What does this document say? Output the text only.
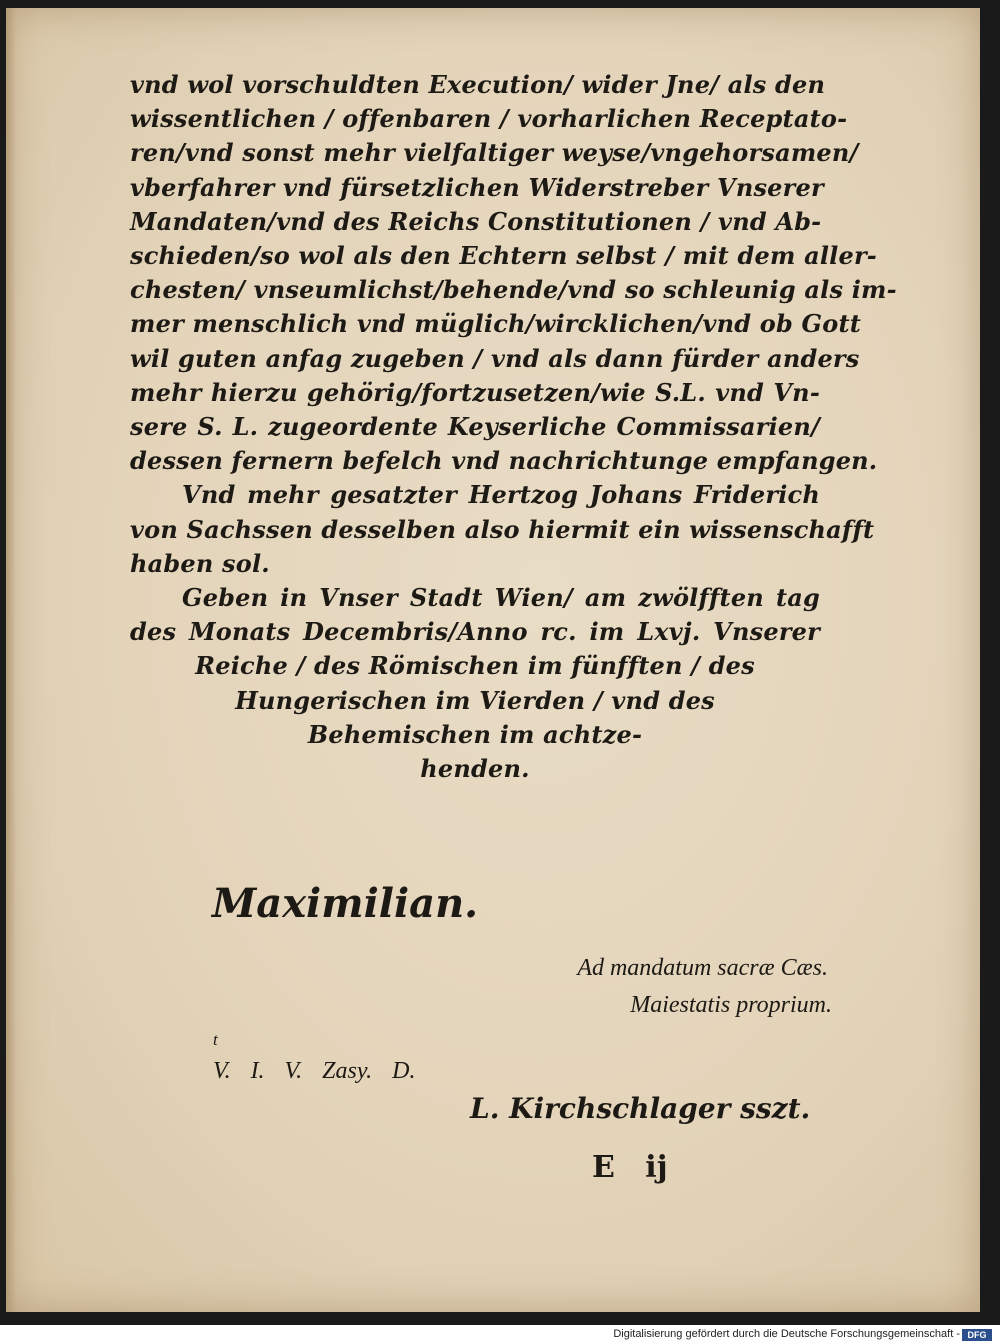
vnd wol vorschuldten Execution/ wider Jne/ als den
wissentlichen / offenbaren / vorharlichen Receptato-
ren/vnd sonst mehr vielfaltiger weyse/vngehorsamen/
vberfahrer vnd fürsetzlichen Widerstreber Vnserer
Mandaten/vnd des Reichs Constitutionen / vnd Ab-
schieden/so wol als den Echtern selbst / mit dem aller-
chesten/ vnseumlichst/behende/vnd so schleunig als im-
mer menschlich vnd müglich/wircklichen/vnd ob Gott
wil guten anfag zugeben / vnd als dann fürder anders
mehr hierzu gehörig/fortzusetzen/wie S.L. vnd Vn-
sere S. L. zugeordente Keyserliche Commissarien/
dessen fernern befelch vnd nachrichtunge empfangen.
Vnd mehr gesatzter Hertzog Johans Friderich
von Sachssen desselben also hiermit ein wissenschafft
haben sol.
Geben in Vnser Stadt Wien/ am zwölfften tag
des Monats Decembris/Anno rc. im Lxvj. Vnserer
Reiche / des Römischen im fünfften / des
Hungerischen im Vierden / vnd des
Behemischen im achtze-
henden.
Maximilian.
Ad mandatum sacræ Cæs.
Maiestatis proprium.
t
V. I. V. Zasy. D.
L. Kirchschlager sszt.
E ij
Digitalisierung gefördert durch die Deutsche Forschungsgemeinschaft - DFG
